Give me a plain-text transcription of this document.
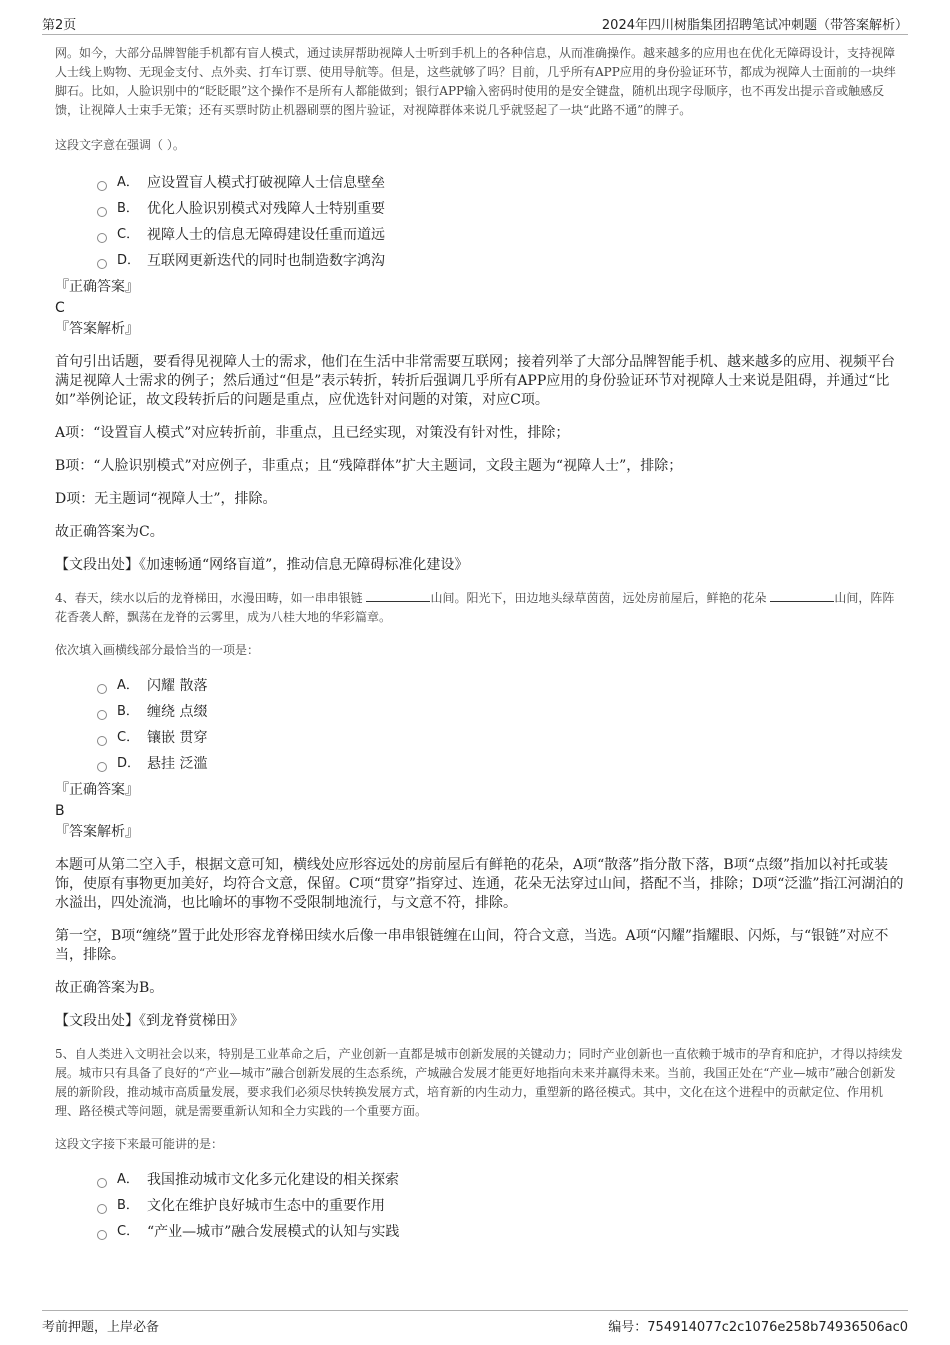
第2页	2024年四川树脂集团招聘笔试冲刺题（带答案解析）

网。如今，大部分品牌智能手机都有盲人模式，通过读屏帮助视障人士听到手机上的各种信息，从而准确操作。越来越多的应用也在优化无障碍设计，支持视障人士线上购物、无现金支付、点外卖、打车订票、使用导航等。但是，这些就够了吗？目前，几乎所有APP应用的身份验证环节，都成为视障人士面前的一块绊脚石。比如，人脸识别中的“眨眨眼”这个操作不是所有人都能做到；银行APP输入密码时使用的是安全键盘，随机出现字母顺序，也不再发出提示音或触感反馈，让视障人士束手无策；还有买票时防止机器刷票的图片验证，对视障群体来说几乎就竖起了一块“此路不通”的牌子。

这段文字意在强调（ ）。

A． 应设置盲人模式打破视障人士信息壁垒
B． 优化人脸识别模式对残障人士特别重要
C． 视障人士的信息无障碍建设任重而道远
D． 互联网更新迭代的同时也制造数字鸿沟

『正确答案』

C

『答案解析』

首句引出话题，要看得见视障人士的需求，他们在生活中非常需要互联网；接着列举了大部分品牌智能手机、越来越多的应用、视频平台满足视障人士需求的例子；然后通过“但是”表示转折，转折后强调几乎所有APP应用的身份验证环节对视障人士来说是阻碍，并通过“比如”举例论证，故文段转折后的问题是重点，应优选针对问题的对策，对应C项。

A项：“设置盲人模式”对应转折前，非重点，且已经实现，对策没有针对性，排除；

B项：“人脸识别模式”对应例子，非重点；且“残障群体”扩大主题词，文段主题为“视障人士”，排除；

D项：无主题词“视障人士”，排除。

故正确答案为C。

【文段出处】《加速畅通“网络盲道”，推动信息无障碍标准化建设》

4、春天，续水以后的龙脊梯田，水漫田畴，如一串串银链	山间。阳光下，田边地头绿草茵茵，远处房前屋后，鲜艳的花朵	山间，阵阵花香袭人醉，飘荡在龙脊的云雾里，成为八桂大地的华彩篇章。

依次填入画横线部分最恰当的一项是：

A． 闪耀 散落
B． 缠绕 点缀
C． 镶嵌 贯穿
D． 悬挂 泛滥

『正确答案』

B

『答案解析』

本题可从第二空入手，根据文意可知，横线处应形容远处的房前屋后有鲜艳的花朵，A项“散落”指分散下落，B项“点缀”指加以衬托或装饰，使原有事物更加美好，均符合文意，保留。C项“贯穿”指穿过、连通，花朵无法穿过山间，搭配不当，排除；D项“泛滥”指江河湖泊的水溢出，四处流淌，也比喻坏的事物不受限制地流行，与文意不符，排除。

第一空，B项“缠绕”置于此处形容龙脊梯田续水后像一串串银链缠在山间，符合文意，当选。A项“闪耀”指耀眼、闪烁，与“银链”对应不当，排除。

故正确答案为B。

【文段出处】《到龙脊赏梯田》

5、自人类进入文明社会以来，特别是工业革命之后，产业创新一直都是城市创新发展的关键动力；同时产业创新也一直依赖于城市的孕育和庇护，才得以持续发展。城市只有具备了良好的“产业—城市”融合创新发展的生态系统，产城融合发展才能更好地指向未来并赢得未来。当前，我国正处在“产业—城市”融合创新发展的新阶段，推动城市高质量发展，要求我们必须尽快转换发展方式，培育新的内生动力，重塑新的路径模式。其中，文化在这个进程中的贡献定位、作用机理、路径模式等问题，就是需要重新认知和全力实践的一个重要方面。

这段文字接下来最可能讲的是：

A． 我国推动城市文化多元化建设的相关探索
B． 文化在维护良好城市生态中的重要作用
C． “产业—城市”融合发展模式的认知与实践
考前押题，上岸必备	编号：754914077c2c1076e258b74936506ac0
